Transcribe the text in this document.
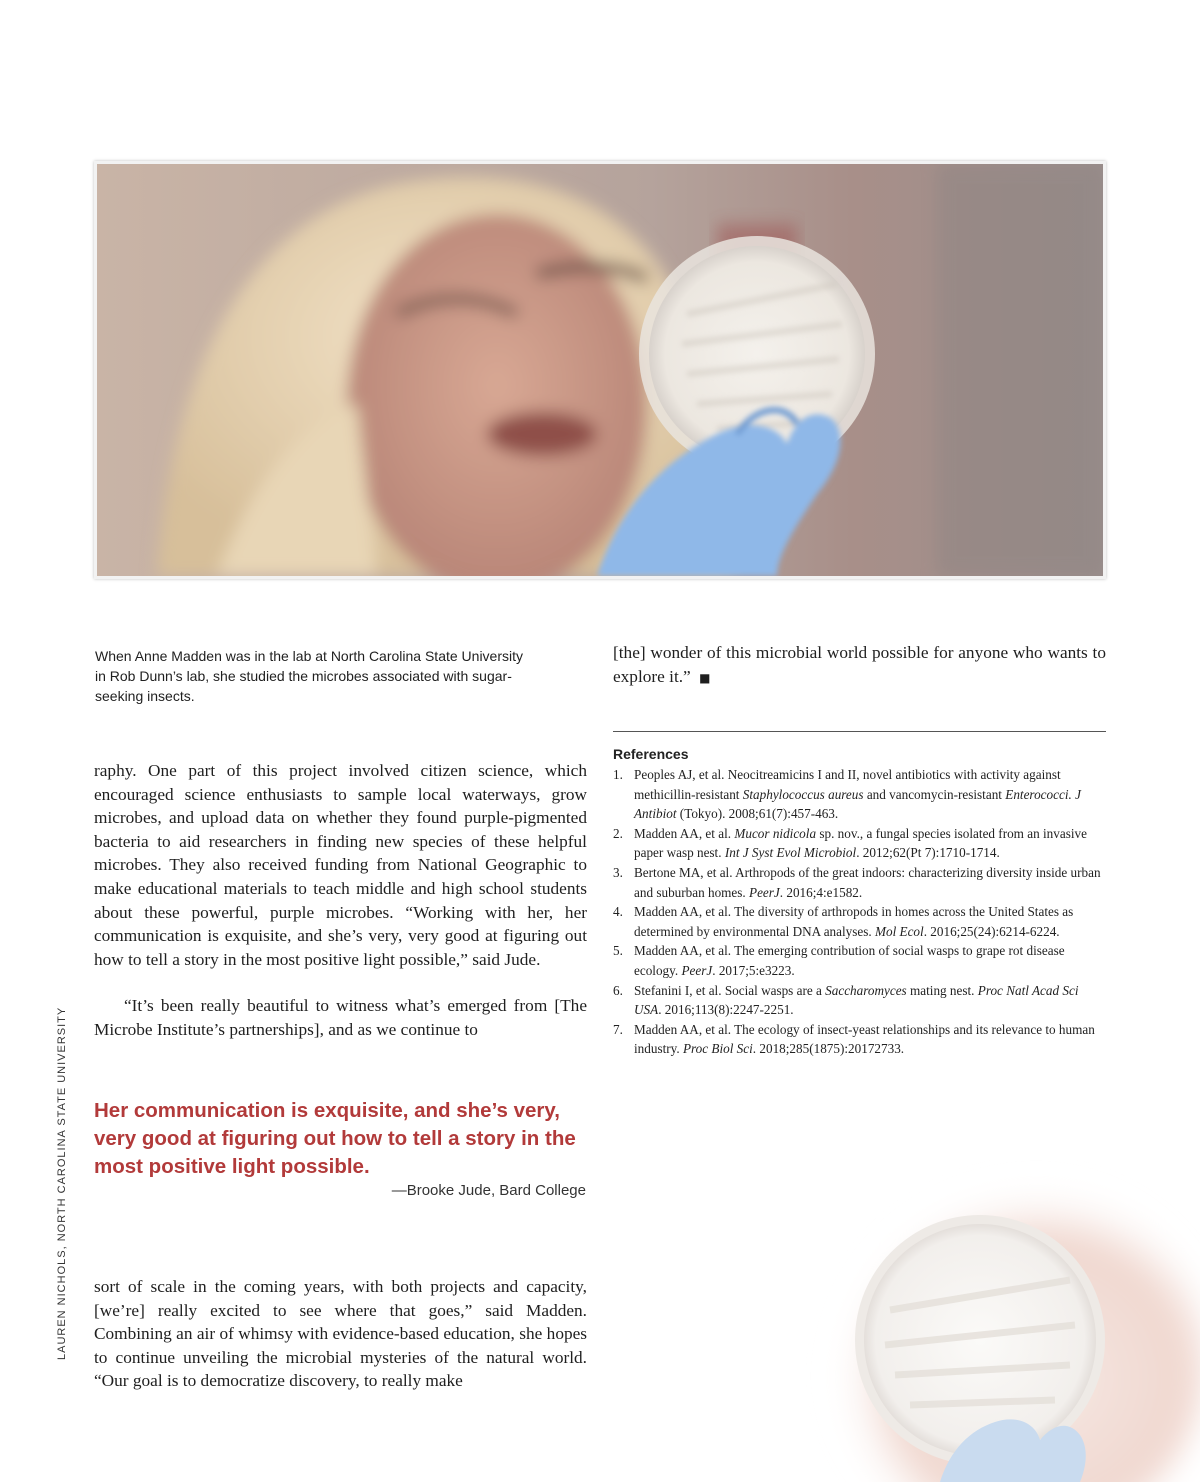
When Anne Madden was in the lab at North Carolina State University in Rob Dunn’s lab, she studied the microbes associated with sugar-seeking insects.

[the] wonder of this microbial world possible for anyone who wants to explore it.” ■

raphy. One part of this project involved citizen science, which encouraged science enthusiasts to sample local waterways, grow microbes, and upload data on whether they found purple-pigmented bacteria to aid researchers in finding new species of these helpful microbes. They also received funding from National Geographic to make educational materials to teach middle and high school students about these powerful, purple microbes. “Working with her, her communication is exquisite, and she’s very, very good at figuring out how to tell a story in the most positive light possible,” said Jude.

“It’s been really beautiful to witness what’s emerged from [The Microbe Institute’s partnerships], and as we continue to

Her communication is exquisite, and she’s very, very good at figuring out how to tell a story in the most positive light possible.
—Brooke Jude, Bard College

sort of scale in the coming years, with both projects and capacity, [we’re] really excited to see where that goes,” said Madden. Combining an air of whimsy with evidence-based education, she hopes to continue unveiling the microbial mysteries of the natural world. “Our goal is to democratize discovery, to really make

LAUREN NICHOLS, NORTH CAROLINA STATE UNIVERSITY
References
1. Peoples AJ, et al. Neocitreamicins I and II, novel antibiotics with activity against methicillin-resistant Staphylococcus aureus and vancomycin-resistant Enterococci. J Antibiot (Tokyo). 2008;61(7):457-463.
2. Madden AA, et al. Mucor nidicola sp. nov., a fungal species isolated from an invasive paper wasp nest. Int J Syst Evol Microbiol. 2012;62(Pt 7):1710-1714.
3. Bertone MA, et al. Arthropods of the great indoors: characterizing diversity inside urban and suburban homes. PeerJ. 2016;4:e1582.
4. Madden AA, et al. The diversity of arthropods in homes across the United States as determined by environmental DNA analyses. Mol Ecol. 2016;25(24):6214-6224.
5. Madden AA, et al. The emerging contribution of social wasps to grape rot disease ecology. PeerJ. 2017;5:e3223.
6. Stefanini I, et al. Social wasps are a Saccharomyces mating nest. Proc Natl Acad Sci USA. 2016;113(8):2247-2251.
7. Madden AA, et al. The ecology of insect-yeast relationships and its relevance to human industry. Proc Biol Sci. 2018;285(1875):20172733.
